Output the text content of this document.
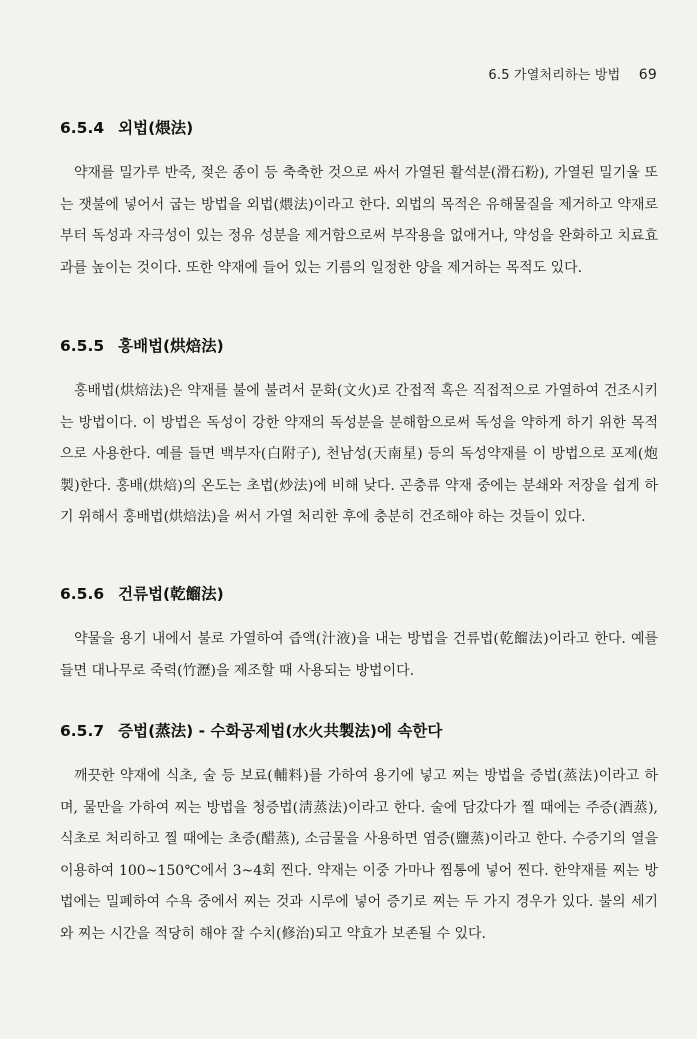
6.5 가열처리하는 방법 69
6.5.4 외법(煨法)

약재를 밀가루 반죽, 젖은 종이 등 축축한 것으로 싸서 가열된 활석분(滑石粉), 가열된 밀기울 또는 잿불에 넣어서 굽는 방법을 외법(煨法)이라고 한다. 외법의 목적은 유해물질을 제거하고 약재로부터 독성과 자극성이 있는 정유 성분을 제거함으로써 부작용을 없애거나, 약성을 완화하고 치료효과를 높이는 것이다. 또한 약재에 들어 있는 기름의 일정한 양을 제거하는 목적도 있다.

6.5.5 홍배법(烘焙法)

홍배법(烘焙法)은 약재를 불에 불려서 문화(文火)로 간접적 혹은 직접적으로 가열하여 건조시키는 방법이다. 이 방법은 독성이 강한 약재의 독성분을 분해함으로써 독성을 약하게 하기 위한 목적으로 사용한다. 예를 들면 백부자(白附子), 천남성(天南星) 등의 독성약재를 이 방법으로 포제(炮製)한다. 홍배(烘焙)의 온도는 초법(炒法)에 비해 낮다. 곤충류 약재 중에는 분쇄와 저장을 쉽게 하기 위해서 홍배법(烘焙法)을 써서 가열 처리한 후에 충분히 건조해야 하는 것들이 있다.

6.5.6 건류법(乾餾法)

약물을 용기 내에서 불로 가열하여 즙액(汁液)을 내는 방법을 건류법(乾餾法)이라고 한다. 예를 들면 대나무로 죽력(竹瀝)을 제조할 때 사용되는 방법이다.

6.5.7 증법(蒸法) - 수화공제법(水火共製法)에 속한다

깨끗한 약재에 식초, 술 등 보료(輔料)를 가하여 용기에 넣고 찌는 방법을 증법(蒸法)이라고 하며, 물만을 가하여 찌는 방법을 청증법(淸蒸法)이라고 한다. 술에 담갔다가 찔 때에는 주증(酒蒸), 식초로 처리하고 찔 때에는 초증(醋蒸), 소금물을 사용하면 염증(鹽蒸)이라고 한다. 수증기의 열을 이용하여 100~150℃에서 3~4회 찐다. 약재는 이중 가마나 찜통에 넣어 찐다. 한약재를 찌는 방법에는 밀폐하여 수욕 중에서 찌는 것과 시루에 넣어 증기로 찌는 두 가지 경우가 있다. 불의 세기와 찌는 시간을 적당히 해야 잘 수치(修治)되고 약효가 보존될 수 있다.
